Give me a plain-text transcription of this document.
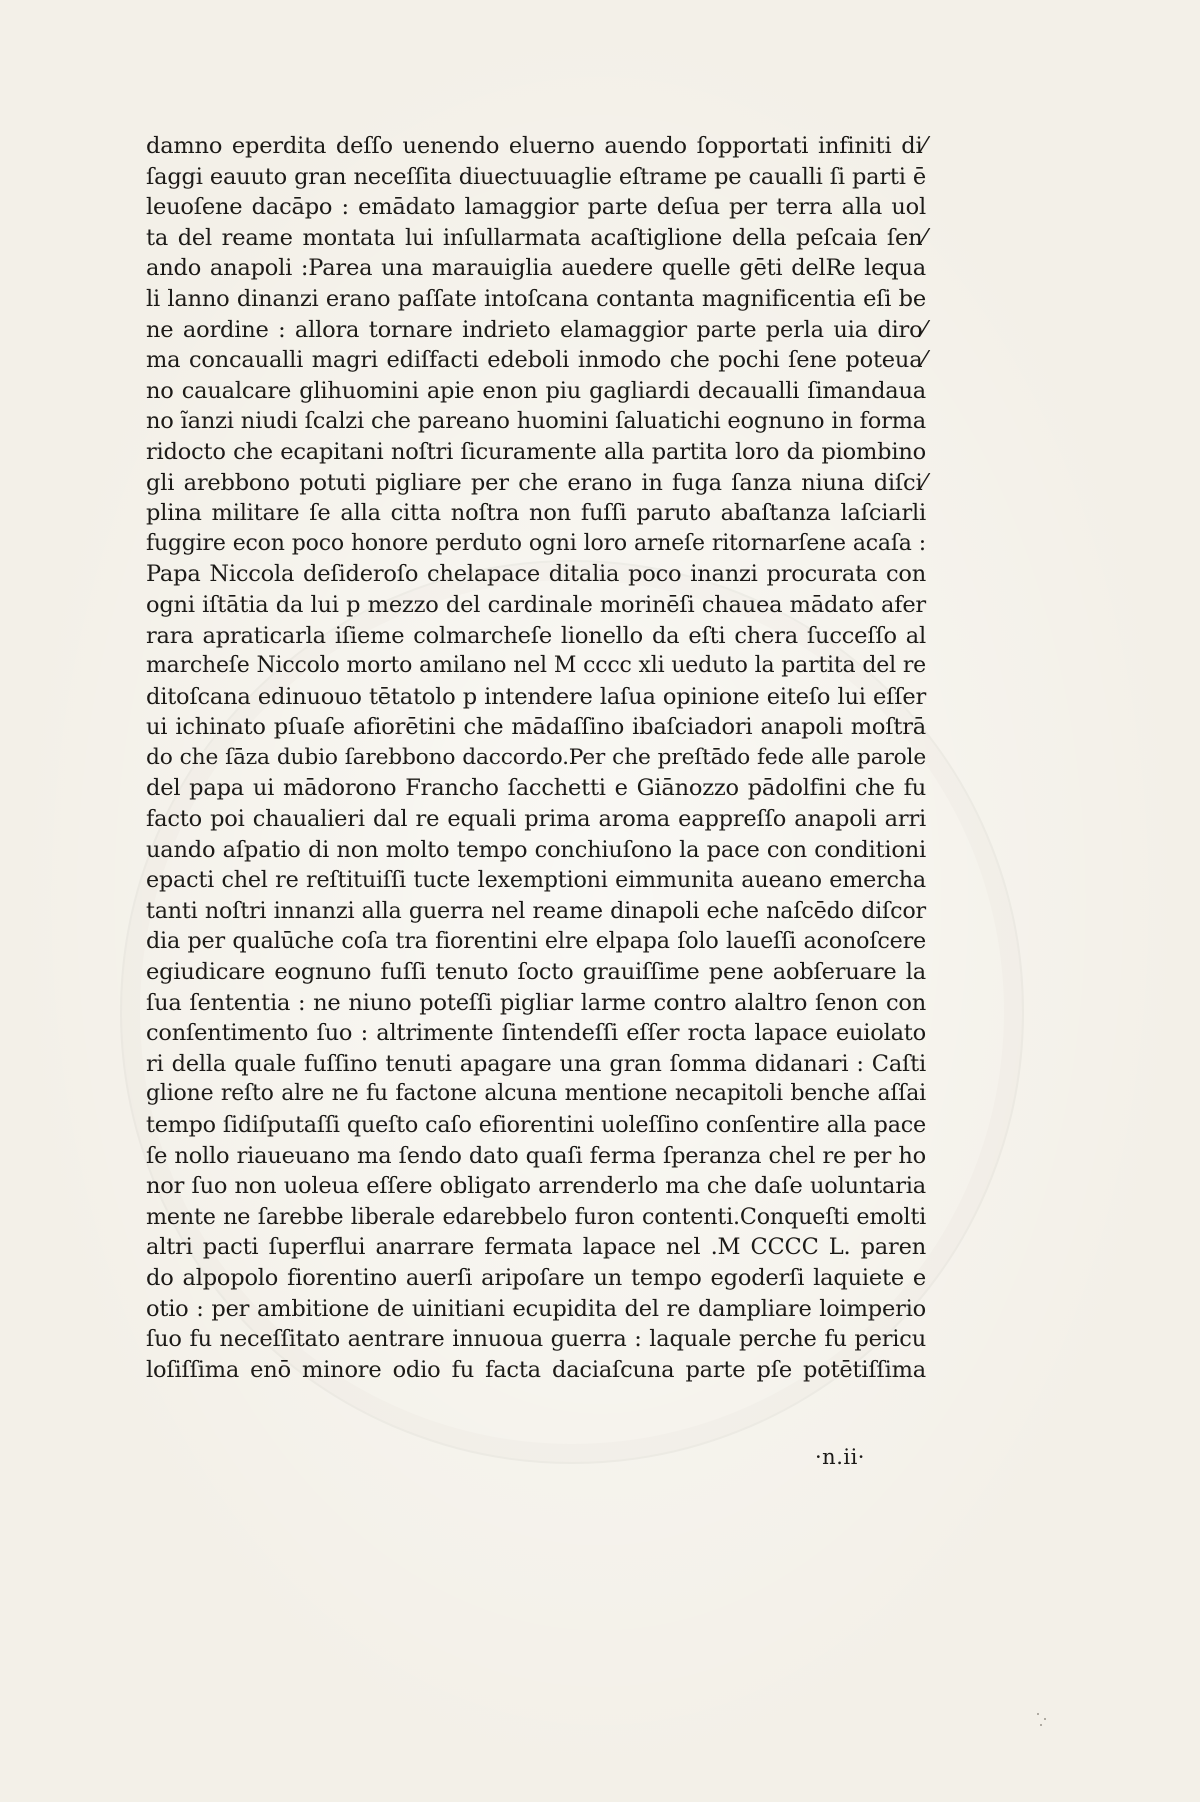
damno eperdita deſſo uenendo eluerno auendo ſopportati infiniti di⁄
ſaggi eauuto gran neceſſita diuectuuaglie eſtrame pe caualli ſi parti ē
leuoſene dacāpo : emādato lamaggior parte deſua per terra alla uol
ta del reame montata lui inſullarmata acaſtiglione della peſcaia ſen⁄
ando anapoli :Parea una marauiglia auedere quelle gēti delRe lequa
li lanno dinanzi erano paſſate intoſcana contanta magnificentia eſi be
ne aordine : allora tornare indrieto elamaggior parte perla uia diro⁄
ma concaualli magri ediſfacti edeboli inmodo che pochi ſene poteua⁄
no caualcare glihuomini apie enon piu gagliardi decaualli ſimandaua
no ĩanzi niudi ſcalzi che pareano huomini ſaluatichi eognuno in forma
ridocto che ecapitani noſtri ſicuramente alla partita loro da piombino
gli arebbono potuti pigliare per che erano in fuga ſanza niuna diſci⁄
plina militare ſe alla citta noſtra non fuſſi paruto abaſtanza laſciarli
fuggire econ poco honore perduto ogni loro arneſe ritornarſene acaſa :
Papa Niccola deſideroſo chelapace ditalia poco inanzi procurata con
ogni iſtātia da lui p mezzo del cardinale morinēſi chauea mādato afer
rara apraticarla iſieme colmarcheſe lionello da eſti chera ſucceſſo al
marcheſe Niccolo morto amilano nel M cccc xli ueduto la partita del re
ditoſcana edinuouo tētatolo p intendere laſua opinione eiteſo lui eſſer
ui ichinato pſuaſe afiorētini che mādaſſino ibaſciadori anapoli moſtrā
do che ſāza dubio ſarebbono daccordo.Per che preſtādo fede alle parole
del papa ui mādorono Francho ſacchetti e Giānozzo pādolfini che fu
facto poi chaualieri dal re equali prima aroma eappreſſo anapoli arri
uando aſpatio di non molto tempo conchiuſono la pace con conditioni
epacti chel re reſtituiſſi tucte lexemptioni eimmunita aueano emercha
tanti noſtri innanzi alla guerra nel reame dinapoli eche naſcēdo diſcor
dia per qualūche coſa tra fiorentini elre elpapa ſolo laueſſi aconoſcere
egiudicare eognuno fuſſi tenuto ſocto grauiſſime pene aobſeruare la
ſua ſententia : ne niuno poteſſi pigliar larme contro alaltro ſenon con
conſentimento ſuo : altrimente ſintendeſſi eſſer rocta lapace euiolato
ri della quale fuſſino tenuti apagare una gran ſomma didanari : Caſti
glione reſto alre ne fu factone alcuna mentione necapitoli benche aſſai
tempo ſidiſputaſſi queſto caſo efiorentini uoleſſino conſentire alla pace
ſe nollo riaueuano ma ſendo dato quaſi ferma ſperanza chel re per ho
nor ſuo non uoleua eſſere obligato arrenderlo ma che daſe uoluntaria
mente ne ſarebbe liberale edarebbelo furon contenti.Conqueſti emolti
altri pacti ſuperflui anarrare fermata lapace nel .M CCCC L. paren
do alpopolo fiorentino auerſi aripoſare un tempo egoderſi laquiete e
otio : per ambitione de uinitiani ecupidita del re dampliare loimperio
ſuo fu neceſſitato aentrare innuoua guerra : laquale perche fu pericu
loſiſſima enō minore odio fu facta daciaſcuna parte pſe potētiſſima
·n.ii·
